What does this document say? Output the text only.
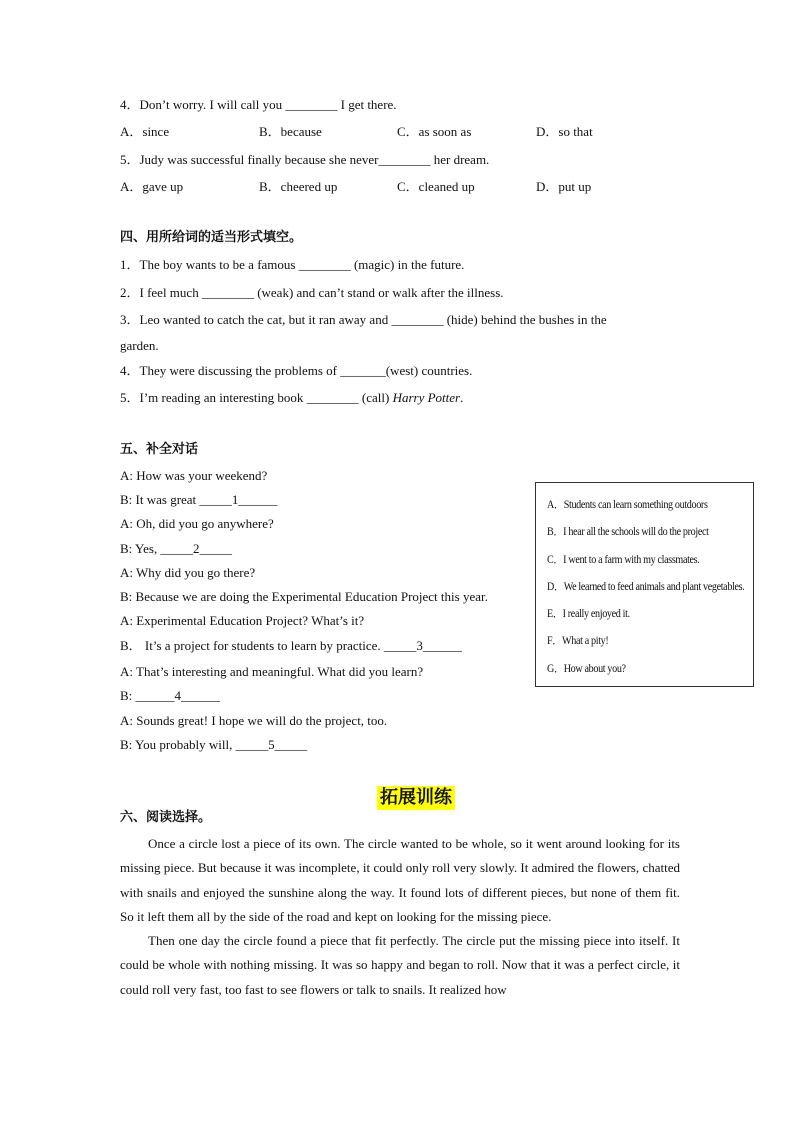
4．Don’t worry. I will call you ________ I get there.
A．since	B．because	C．as soon as	D．so that
5．Judy was successful finally because she never________ her dream.
A．gave up	B．cheered up	C．cleaned up	D．put up
四、用所给词的适当形式填空。
1．The boy wants to be a famous ________ (magic) in the future.
2．I feel much ________ (weak) and can’t stand or walk after the illness.
3．Leo wanted to catch the cat, but it ran away and ________ (hide) behind the bushes in the
garden.
4．They were discussing the problems of _______(west) countries.
5．I’m reading an interesting book ________ (call) Harry Potter.
五、补全对话
A: How was your weekend?
B: It was great _____1______
A: Oh, did you go anywhere?
B: Yes, _____2_____
A: Why did you go there?
B: Because we are doing the Experimental Education Project this year.
A: Experimental Education Project? What’s it?
B． It’s a project for students to learn by practice. _____3______
A: That’s interesting and meaningful. What did you learn?
B: ______4______
A: Sounds great! I hope we will do the project, too.
B: You probably will, _____5_____
A．Students can learn something outdoors
B．I hear all the schools will do the project
C．I went to a farm with my classmates.
D．We learned to feed animals and plant vegetables.
E．I really enjoyed it.
F．What a pity!
G．How about you?
拓展训练
六、阅读选择。

Once a circle lost a piece of its own. The circle wanted to be whole, so it went around looking for its missing piece. But because it was incomplete, it could only roll very slowly. It admired the flowers, chatted with snails and enjoyed the sunshine along the way. It found lots of different pieces, but none of them fit. So it left them all by the side of the road and kept on looking for the missing piece.

Then one day the circle found a piece that fit perfectly. The circle put the missing piece into itself. It could be whole with nothing missing. It was so happy and began to roll. Now that it was a perfect circle, it could roll very fast, too fast to see flowers or talk to snails. It realized how
